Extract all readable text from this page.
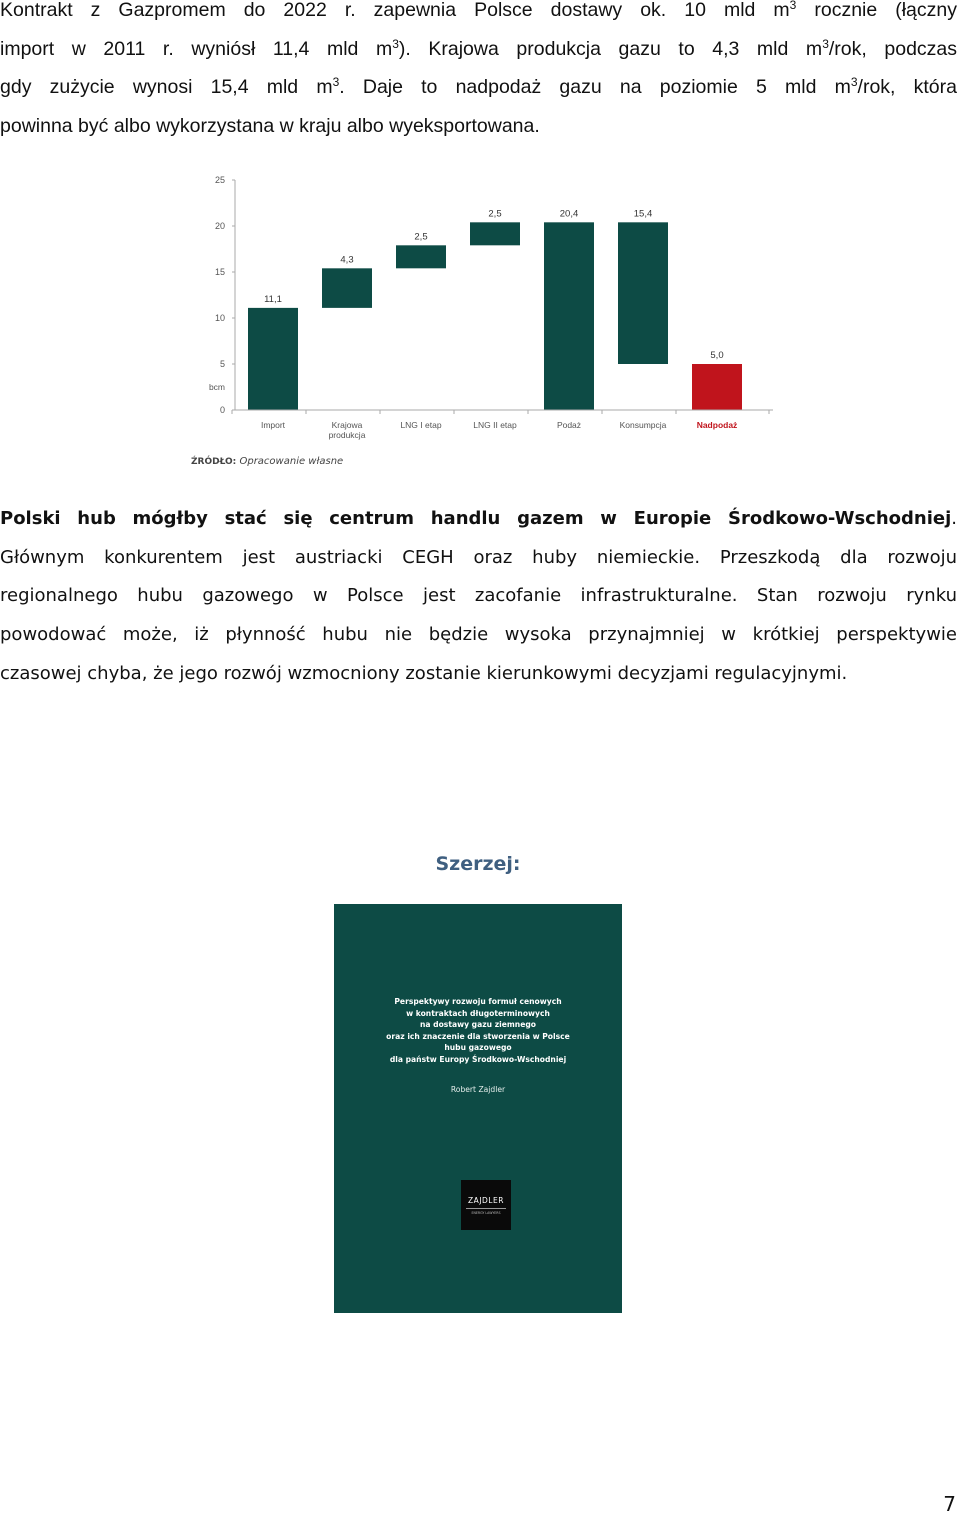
Kontrakt z Gazpromem do 2022 r. zapewnia Polsce dostawy ok. 10 mld $m^3$ rocznie (łączny
import w 2011 r. wyniósł 11,4 mld $m^3$). Krajowa produkcja gazu to 4,3 mld $m^3$/rok, podczas
gdy zużycie wynosi 15,4 mld $m^3$. Daje to nadpodaż gazu na poziomie 5 mld $m^3$/rok, która
powinna być albo wykorzystana w kraju albo wyeksportowana.
0
5
10
15
20
25
bcm
11,1
4,3
2,5
2,5	20,4	15,4
5,0
Import	Krajowa
produkcja
LNG I etap	LNG II etap	Podaż	Konsumpcja	Nadpodaż
ŹRÓDŁO: Opracowanie własne
Polski hub mógłby stać się centrum handlu gazem w Europie Środkowo-Wschodniej.
Głównym konkurentem jest austriacki CEGH oraz huby niemieckie. Przeszkodą dla rozwoju
regionalnego hubu gazowego w Polsce jest zacofanie infrastrukturalne. Stan rozwoju rynku
powodować może, iż płynność hubu nie będzie wysoka przynajmniej w krótkiej perspektywie
czasowej chyba, że jego rozwój wzmocniony zostanie kierunkowymi decyzjami regulacyjnymi.
Szerzej:
Perspektywy rozwoju formuł cenowych
w kontraktach długoterminowych
na dostawy gazu ziemnego
oraz ich znaczenie dla stworzenia w Polsce
hubu gazowego
dla państw Europy Środkowo-Wschodniej
Robert Zajdler
ZAJDLER
ENERGY LAWYERS
7
